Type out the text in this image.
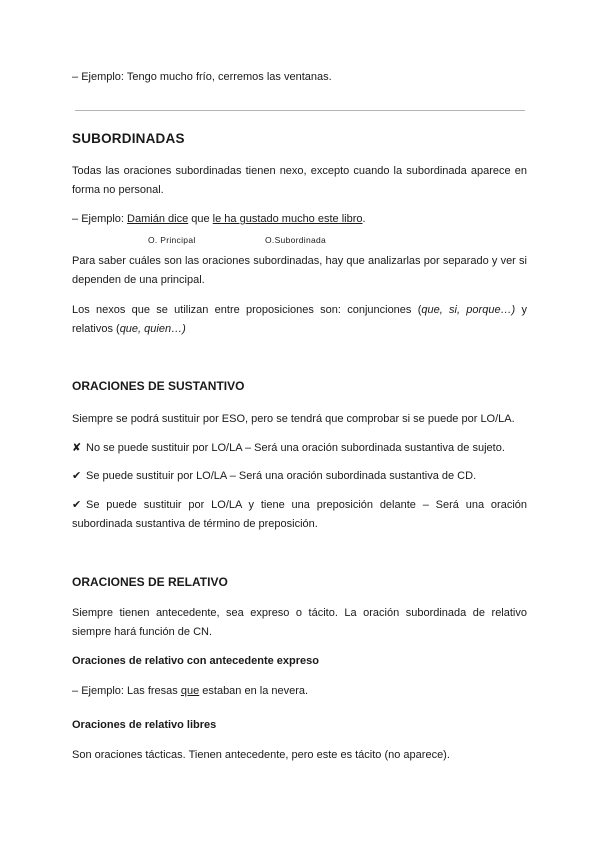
– Ejemplo: Tengo mucho frío, cerremos las ventanas.

SUBORDINADAS

Todas las oraciones subordinadas tienen nexo, excepto cuando la subordinada aparece en forma no personal.

– Ejemplo: Damián dice que le ha gustado mucho este libro.

O. Principal	O.Subordinada

Para saber cuáles son las oraciones subordinadas, hay que analizarlas por separado y ver si dependen de una principal.

Los nexos que se utilizan entre proposiciones son: conjunciones (que, si, porque…) y relativos (que, quien…)

ORACIONES DE SUSTANTIVO

Siempre se podrá sustituir por ESO, pero se tendrá que comprobar si se puede por LO/LA.

✘ No se puede sustituir por LO/LA – Será una oración subordinada sustantiva de sujeto.

✔ Se puede sustituir por LO/LA – Será una oración subordinada sustantiva de CD.

✔ Se puede sustituir por LO/LA y tiene una preposición delante – Será una oración subordinada sustantiva de término de preposición.

ORACIONES DE RELATIVO

Siempre tienen antecedente, sea expreso o tácito. La oración subordinada de relativo siempre hará función de CN.

Oraciones de relativo con antecedente expreso

– Ejemplo: Las fresas que estaban en la nevera.

Oraciones de relativo libres

Son oraciones tácticas. Tienen antecedente, pero este es tácito (no aparece).
